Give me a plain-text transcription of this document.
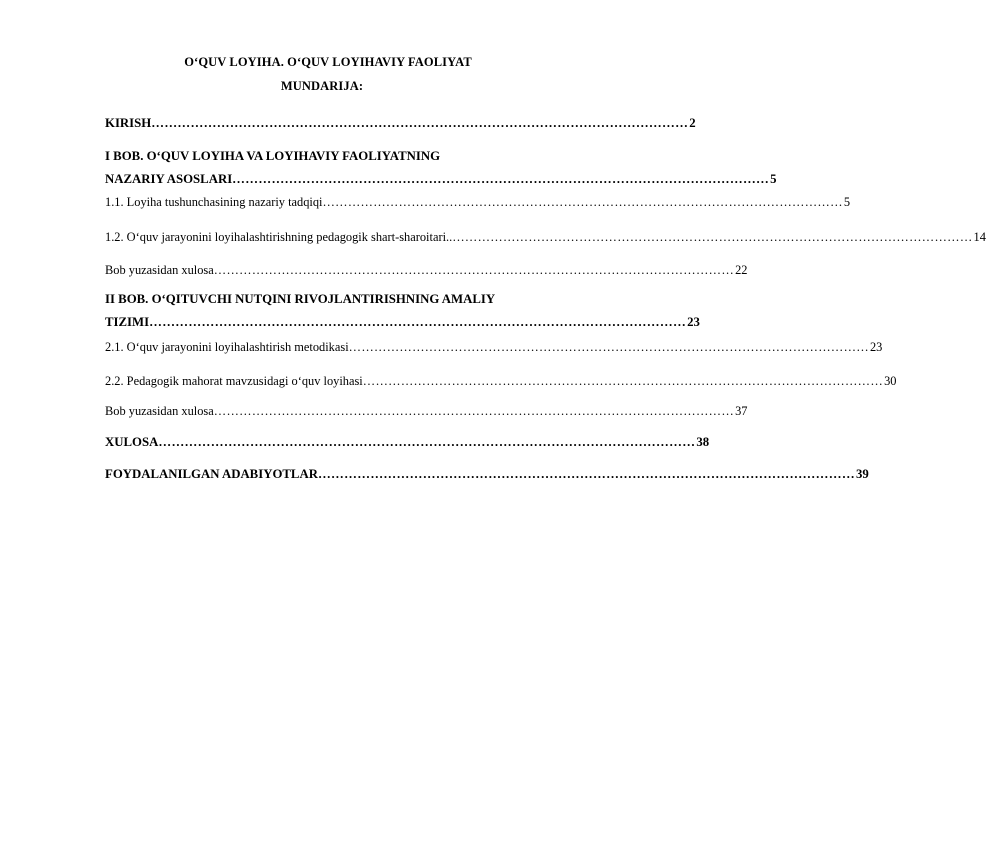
O‘QUV LOYIHA. O‘QUV LOYIHAVIY FAOLIYAT
MUNDARIJA:
KIRISH …………………………………………………………………………………………………………… 2
I BOB. O‘QUV LOYIHA VA LOYIHAVIY FAOLIYATNING
NAZARIY ASOSLARI …………………………………………………………………………………………………………… 5
1.1. Loyiha tushunchasining nazariy tadqiqi …………………………………………………………………………………………………………… 5
1.2. O‘quv jarayonini loyihalashtirishning pedagogik shart-sharoitari.. …………………………………………………………………………………………………………… 14
Bob yuzasidan xulosa …………………………………………………………………………………………………………… 22
II BOB. O‘QITUVCHI NUTQINI RIVOJLANTIRISHNING AMALIY
TIZIMI …………………………………………………………………………………………………………… 23
2.1. O‘quv jarayonini loyihalashtirish metodikasi …………………………………………………………………………………………………………… 23
2.2. Pedagogik mahorat mavzusidagi o‘quv loyihasi …………………………………………………………………………………………………………… 30
Bob yuzasidan xulosa …………………………………………………………………………………………………………… 37
XULOSA …………………………………………………………………………………………………………… 38
FOYDALANILGAN ADABIYOTLAR …………………………………………………………………………………………………………… 39
